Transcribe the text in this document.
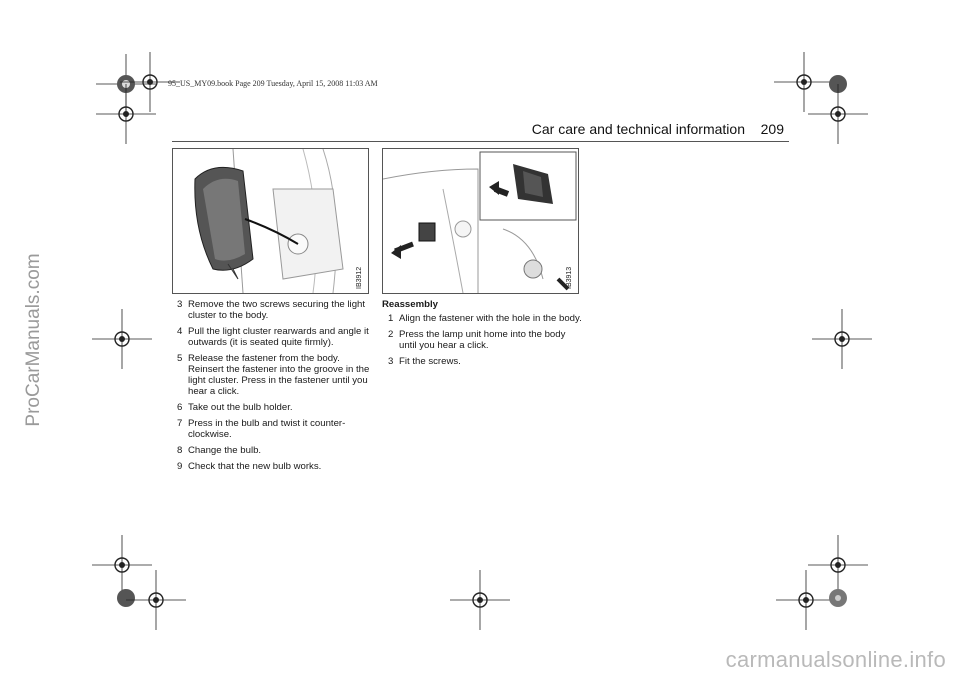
95_US_MY09.book Page 209 Tuesday, April 15, 2008 11:03 AM
ProCarManuals.com
Car care and technical information 209
IB3912	IB3913
3 Remove the two screws securing the light cluster to the body.
4 Pull the light cluster rearwards and angle it outwards (it is seated quite firmly).
5 Release the fastener from the body. Reinsert the fastener into the groove in the light cluster. Press in the fastener until you hear a click.
6 Take out the bulb holder.
7 Press in the bulb and twist it counter-clockwise.
8 Change the bulb.
9 Check that the new bulb works.
Reassembly
1 Align the fastener with the hole in the body.
2 Press the lamp unit home into the body until you hear a click.
3 Fit the screws.
carmanualsonline.info
